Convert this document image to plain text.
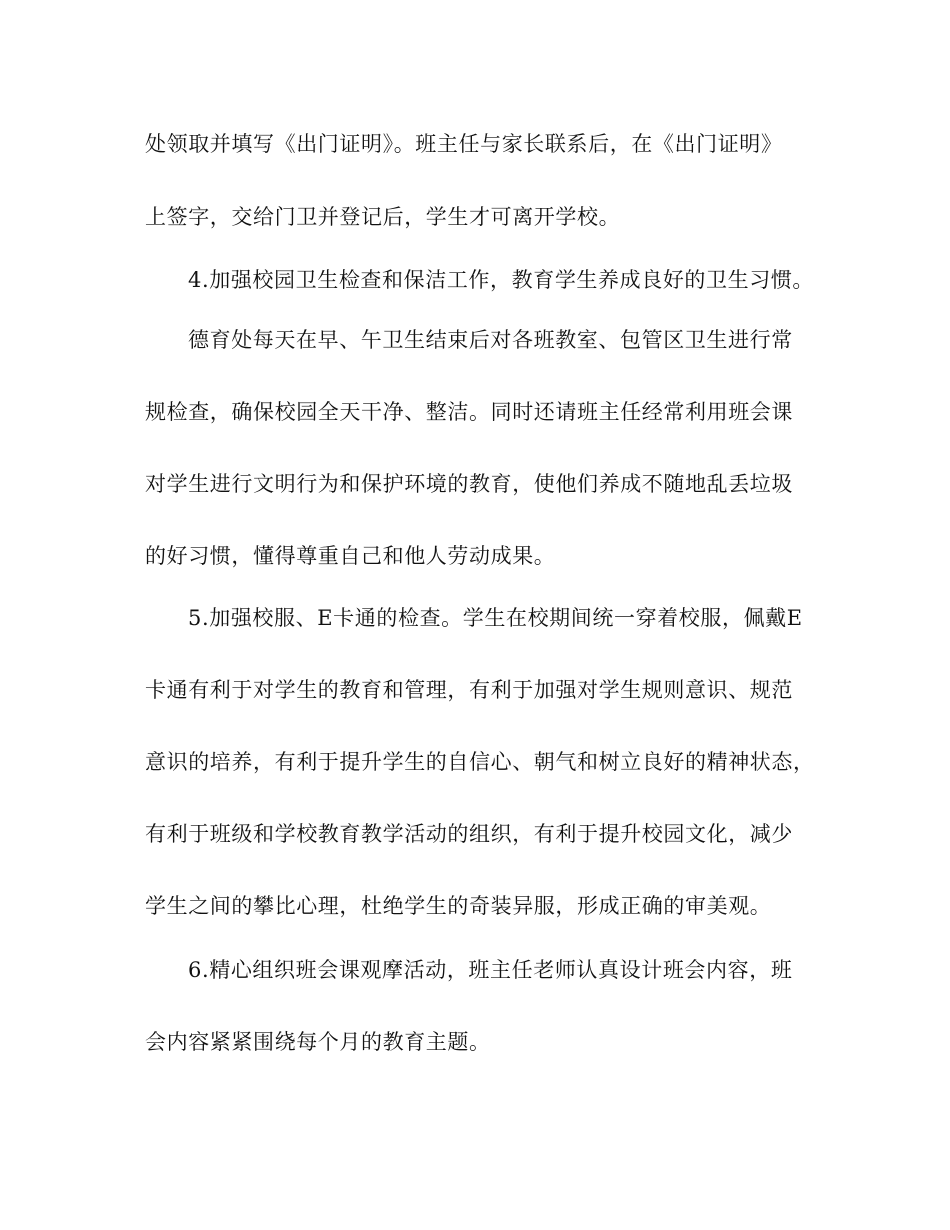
处领取并填写《出门证明》。班主任与家长联系后，在《出门证明》
上签字，交给门卫并登记后，学生才可离开学校。
4.加强校园卫生检查和保洁工作，教育学生养成良好的卫生习惯。
德育处每天在早、午卫生结束后对各班教室、包管区卫生进行常
规检查，确保校园全天干净、整洁。同时还请班主任经常利用班会课
对学生进行文明行为和保护环境的教育，使他们养成不随地乱丢垃圾
的好习惯，懂得尊重自己和他人劳动成果。
5.加强校服、E卡通的检查。学生在校期间统一穿着校服，佩戴E
卡通有利于对学生的教育和管理，有利于加强对学生规则意识、规范
意识的培养，有利于提升学生的自信心、朝气和树立良好的精神状态，
有利于班级和学校教育教学活动的组织，有利于提升校园文化，减少
学生之间的攀比心理，杜绝学生的奇装异服，形成正确的审美观。
6.精心组织班会课观摩活动，班主任老师认真设计班会内容，班
会内容紧紧围绕每个月的教育主题。
